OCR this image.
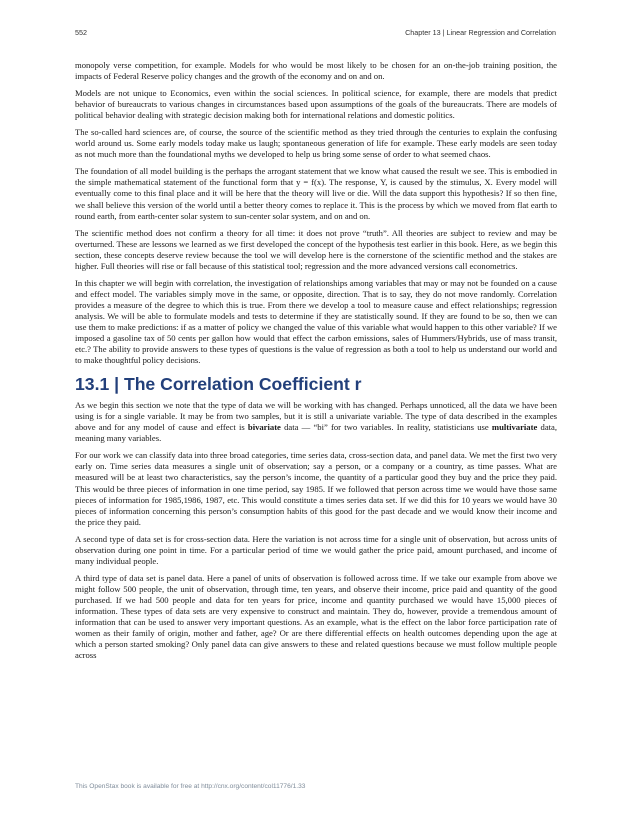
552	Chapter 13 | Linear Regression and Correlation

monopoly verse competition, for example. Models for who would be most likely to be chosen for an on-the-job training position, the impacts of Federal Reserve policy changes and the growth of the economy and on and on.

Models are not unique to Economics, even within the social sciences. In political science, for example, there are models that predict behavior of bureaucrats to various changes in circumstances based upon assumptions of the goals of the bureaucrats. There are models of political behavior dealing with strategic decision making both for international relations and domestic politics.

The so-called hard sciences are, of course, the source of the scientific method as they tried through the centuries to explain the confusing world around us. Some early models today make us laugh; spontaneous generation of life for example. These early models are seen today as not much more than the foundational myths we developed to help us bring some sense of order to what seemed chaos.

The foundation of all model building is the perhaps the arrogant statement that we know what caused the result we see. This is embodied in the simple mathematical statement of the functional form that y = f(x). The response, Y, is caused by the stimulus, X. Every model will eventually come to this final place and it will be here that the theory will live or die. Will the data support this hypothesis? If so then fine, we shall believe this version of the world until a better theory comes to replace it. This is the process by which we moved from flat earth to round earth, from earth-center solar system to sun-center solar system, and on and on.

The scientific method does not confirm a theory for all time: it does not prove “truth”. All theories are subject to review and may be overturned. These are lessons we learned as we first developed the concept of the hypothesis test earlier in this book. Here, as we begin this section, these concepts deserve review because the tool we will develop here is the cornerstone of the scientific method and the stakes are higher. Full theories will rise or fall because of this statistical tool; regression and the more advanced versions call econometrics.

In this chapter we will begin with correlation, the investigation of relationships among variables that may or may not be founded on a cause and effect model. The variables simply move in the same, or opposite, direction. That is to say, they do not move randomly. Correlation provides a measure of the degree to which this is true. From there we develop a tool to measure cause and effect relationships; regression analysis. We will be able to formulate models and tests to determine if they are statistically sound. If they are found to be so, then we can use them to make predictions: if as a matter of policy we changed the value of this variable what would happen to this other variable? If we imposed a gasoline tax of 50 cents per gallon how would that effect the carbon emissions, sales of Hummers/Hybrids, use of mass transit, etc.? The ability to provide answers to these types of questions is the value of regression as both a tool to help us understand our world and to make thoughtful policy decisions.

13.1 | The Correlation Coefficient r

As we begin this section we note that the type of data we will be working with has changed. Perhaps unnoticed, all the data we have been using is for a single variable. It may be from two samples, but it is still a univariate variable. The type of data described in the examples above and for any model of cause and effect is bivariate data — “bi” for two variables. In reality, statisticians use multivariate data, meaning many variables.

For our work we can classify data into three broad categories, time series data, cross-section data, and panel data. We met the first two very early on. Time series data measures a single unit of observation; say a person, or a company or a country, as time passes. What are measured will be at least two characteristics, say the person’s income, the quantity of a particular good they buy and the price they paid. This would be three pieces of information in one time period, say 1985. If we followed that person across time we would have those same pieces of information for 1985,1986, 1987, etc. This would constitute a times series data set. If we did this for 10 years we would have 30 pieces of information concerning this person’s consumption habits of this good for the past decade and we would know their income and the price they paid.

A second type of data set is for cross-section data. Here the variation is not across time for a single unit of observation, but across units of observation during one point in time. For a particular period of time we would gather the price paid, amount purchased, and income of many individual people.

A third type of data set is panel data. Here a panel of units of observation is followed across time. If we take our example from above we might follow 500 people, the unit of observation, through time, ten years, and observe their income, price paid and quantity of the good purchased. If we had 500 people and data for ten years for price, income and quantity purchased we would have 15,000 pieces of information. These types of data sets are very expensive to construct and maintain. They do, however, provide a tremendous amount of information that can be used to answer very important questions. As an example, what is the effect on the labor force participation rate of women as their family of origin, mother and father, age? Or are there differential effects on health outcomes depending upon the age at which a person started smoking? Only panel data can give answers to these and related questions because we must follow multiple people across

This OpenStax book is available for free at http://cnx.org/content/col11776/1.33
